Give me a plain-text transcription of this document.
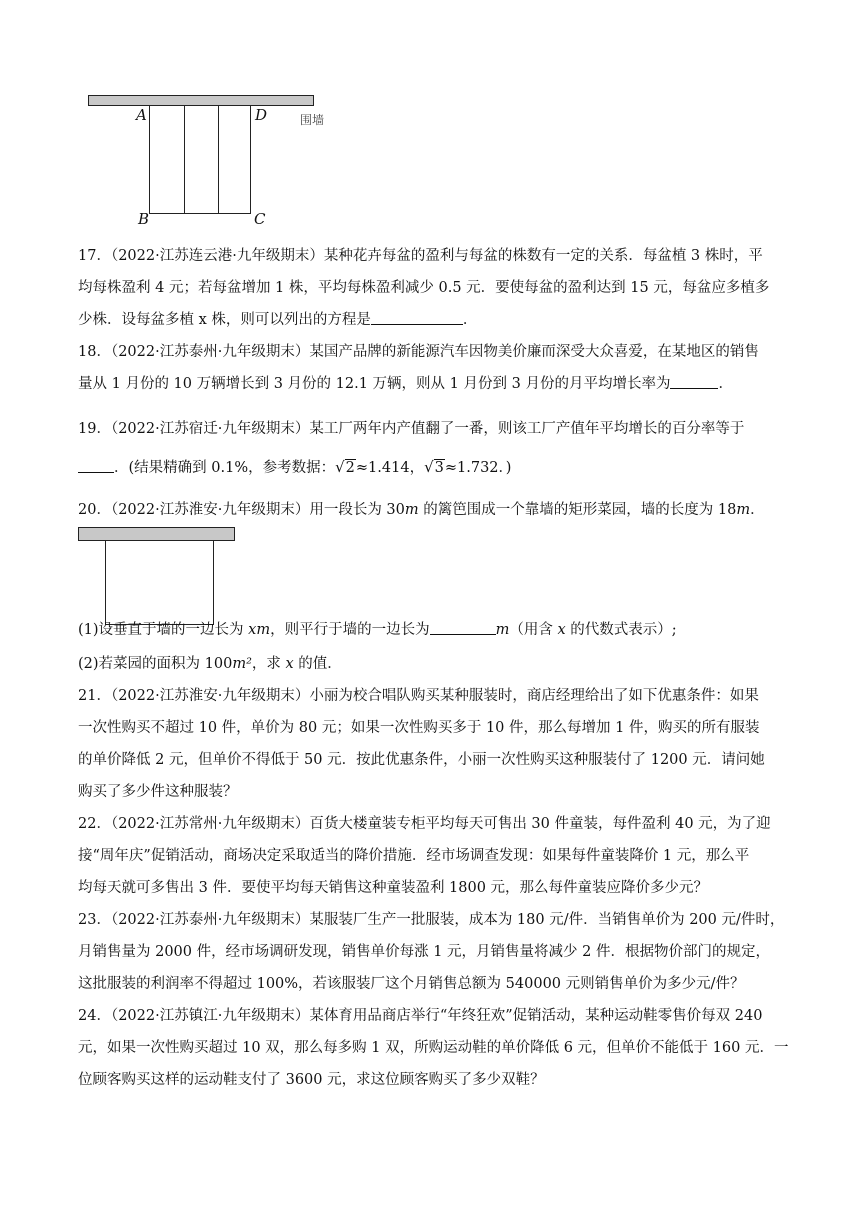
A	D
B	C
围墙

17．（2022·江苏连云港·九年级期末）某种花卉每盆的盈利与每盆的株数有一定的关系．每盆植 3 株时，平

均每株盈利 4 元；若每盆增加 1 株，平均每株盈利减少 0.5 元．要使每盆的盈利达到 15 元，每盆应多植多

少株．设每盆多植 x 株，则可以列出的方程是	．

18．（2022·江苏泰州·九年级期末）某国产品牌的新能源汽车因物美价廉而深受大众喜爱，在某地区的销售

量从 1 月份的 10 万辆增长到 3 月份的 12.1 万辆，则从 1 月份到 3 月份的月平均增长率为	．

19．（2022·江苏宿迁·九年级期末）某工厂两年内产值翻了一番，则该工厂产值年平均增长的百分率等于

．(结果精确到 0.1%，参考数据：√2≈1.414，√3≈1.732．)

20．（2022·江苏淮安·九年级期末）用一段长为 30m 的篱笆围成一个靠墙的矩形菜园，墙的长度为 18m．

(1)设垂直于墙的一边长为 xm，则平行于墙的一边长为	m（用含 x 的代数式表示）;

(2)若菜园的面积为 100m²，求 x 的值．

21．（2022·江苏淮安·九年级期末）小丽为校合唱队购买某种服装时，商店经理给出了如下优惠条件：如果

一次性购买不超过 10 件，单价为 80 元；如果一次性购买多于 10 件，那么每增加 1 件，购买的所有服装

的单价降低 2 元，但单价不得低于 50 元．按此优惠条件，小丽一次性购买这种服装付了 1200 元．请问她

购买了多少件这种服装？

22．（2022·江苏常州·九年级期末）百货大楼童装专柜平均每天可售出 30 件童装，每件盈利 40 元，为了迎

接“周年庆”促销活动，商场决定采取适当的降价措施．经市场调查发现：如果每件童装降价 1 元，那么平

均每天就可多售出 3 件．要使平均每天销售这种童装盈利 1800 元，那么每件童装应降价多少元？

23．（2022·江苏泰州·九年级期末）某服装厂生产一批服装，成本为 180 元/件．当销售单价为 200 元/件时，

月销售量为 2000 件，经市场调研发现，销售单价每涨 1 元，月销售量将减少 2 件．根据物价部门的规定，

这批服装的利润率不得超过 100%，若该服装厂这个月销售总额为 540000 元则销售单价为多少元/件？

24．（2022·江苏镇江·九年级期末）某体育用品商店举行“年终狂欢”促销活动，某种运动鞋零售价每双 240

元，如果一次性购买超过 10 双，那么每多购 1 双，所购运动鞋的单价降低 6 元，但单价不能低于 160 元．一

位顾客购买这样的运动鞋支付了 3600 元，求这位顾客购买了多少双鞋？
